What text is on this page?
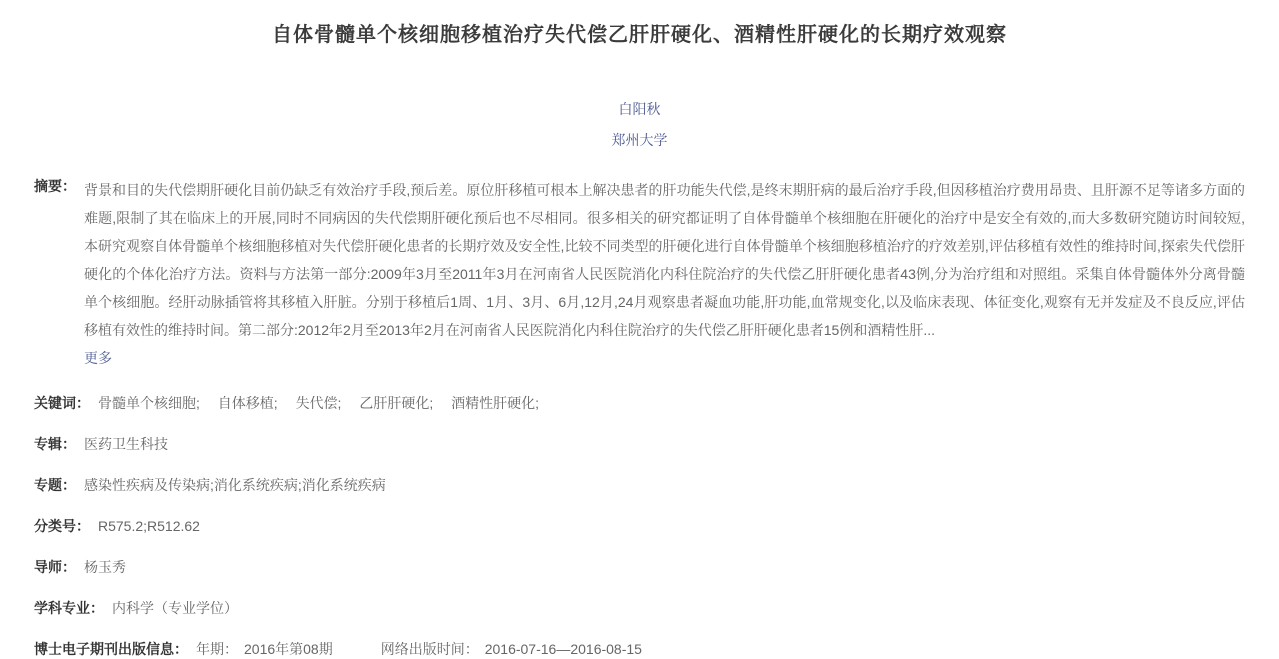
自体骨髓单个核细胞移植治疗失代偿乙肝肝硬化、酒精性肝硬化的长期疗效观察
白阳秋
郑州大学
摘要： 背景和目的失代偿期肝硬化目前仍缺乏有效治疗手段,预后差。原位肝移植可根本上解决患者的肝功能失代偿,是终末期肝病的最后治疗手段,但因移植治疗费用昂贵、且肝源不足等诸多方面的难题,限制了其在临床上的开展,同时不同病因的失代偿期肝硬化预后也不尽相同。很多相关的研究都证明了自体骨髓单个核细胞在肝硬化的治疗中是安全有效的,而大多数研究随访时间较短,本研究观察自体骨髓单个核细胞移植对失代偿肝硬化患者的长期疗效及安全性,比较不同类型的肝硬化进行自体骨髓单个核细胞移植治疗的疗效差别,评估移植有效性的维持时间,探索失代偿肝硬化的个体化治疗方法。资料与方法第一部分:2009年3月至2011年3月在河南省人民医院消化内科住院治疗的失代偿乙肝肝硬化患者43例,分为治疗组和对照组。采集自体骨髓体外分离骨髓单个核细胞。经肝动脉插管将其移植入肝脏。分别于移植后1周、1月、3月、6月,12月,24月观察患者凝血功能,肝功能,血常规变化,以及临床表现、体征变化,观察有无并发症及不良反应,评估移植有效性的维持时间。第二部分:2012年2月至2013年2月在河南省人民医院消化内科住院治疗的失代偿乙肝肝硬化患者15例和酒精性肝...
更多
关键词： 骨髓单个核细胞; 自体移植; 失代偿; 乙肝肝硬化; 酒精性肝硬化;
专辑： 医药卫生科技
专题： 感染性疾病及传染病;消化系统疾病;消化系统疾病
分类号： R575.2;R512.62
导师： 杨玉秀
学科专业： 内科学（专业学位）
博士电子期刊出版信息： 年期： 2016年第08期	网络出版时间： 2016-07-16—2016-08-15
